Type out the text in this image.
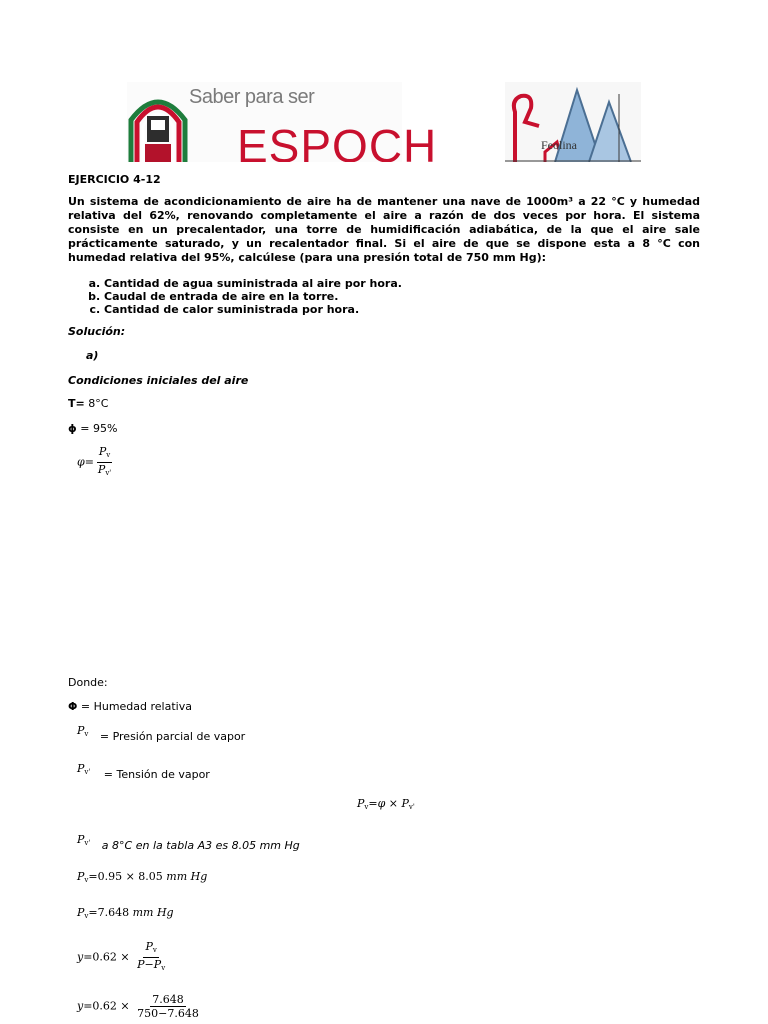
Saber para ser
ESPOCH	Feolina
EJERCICIO 4-12
Un sistema de acondicionamiento de aire ha de mantener una nave de 1000m³ a 22 °C y humedad relativa del 62%, renovando completamente el aire a razón de dos veces por hora. El sistema consiste en un precalentador, una torre de humidificación adiabática, de la que el aire sale prácticamente saturado, y un recalentador final. Si el aire de que se dispone esta a 8 °C con humedad relativa del 95%, calcúlese (para una presión total de 750 mm Hg):
a. Cantidad de agua suministrada al aire por hora.
b. Caudal de entrada de aire en la torre.
c. Cantidad de calor suministrada por hora.
Solución:
a)
Condiciones iniciales del aire
T= 8°C
ϕ = 95%
$\varphi= \frac{P_v}{P_{v'}}$
Donde:
Φ = Humedad relativa
$P_v$ = Presión parcial de vapor
$P_{v'}$ = Tensión de vapor
$P_v=\varphi \times P_{v'}$
$P_{v'}$ a 8°C en la tabla A3 es 8.05 mm Hg
$P_v=0.95 \times 8.05$ mm Hg
$P_v=7.648$ mm Hg
$y=0.62 \times \frac{P_v}{P-P_v}$
$y=0.62 \times \frac{7.648}{750-7.648}$
